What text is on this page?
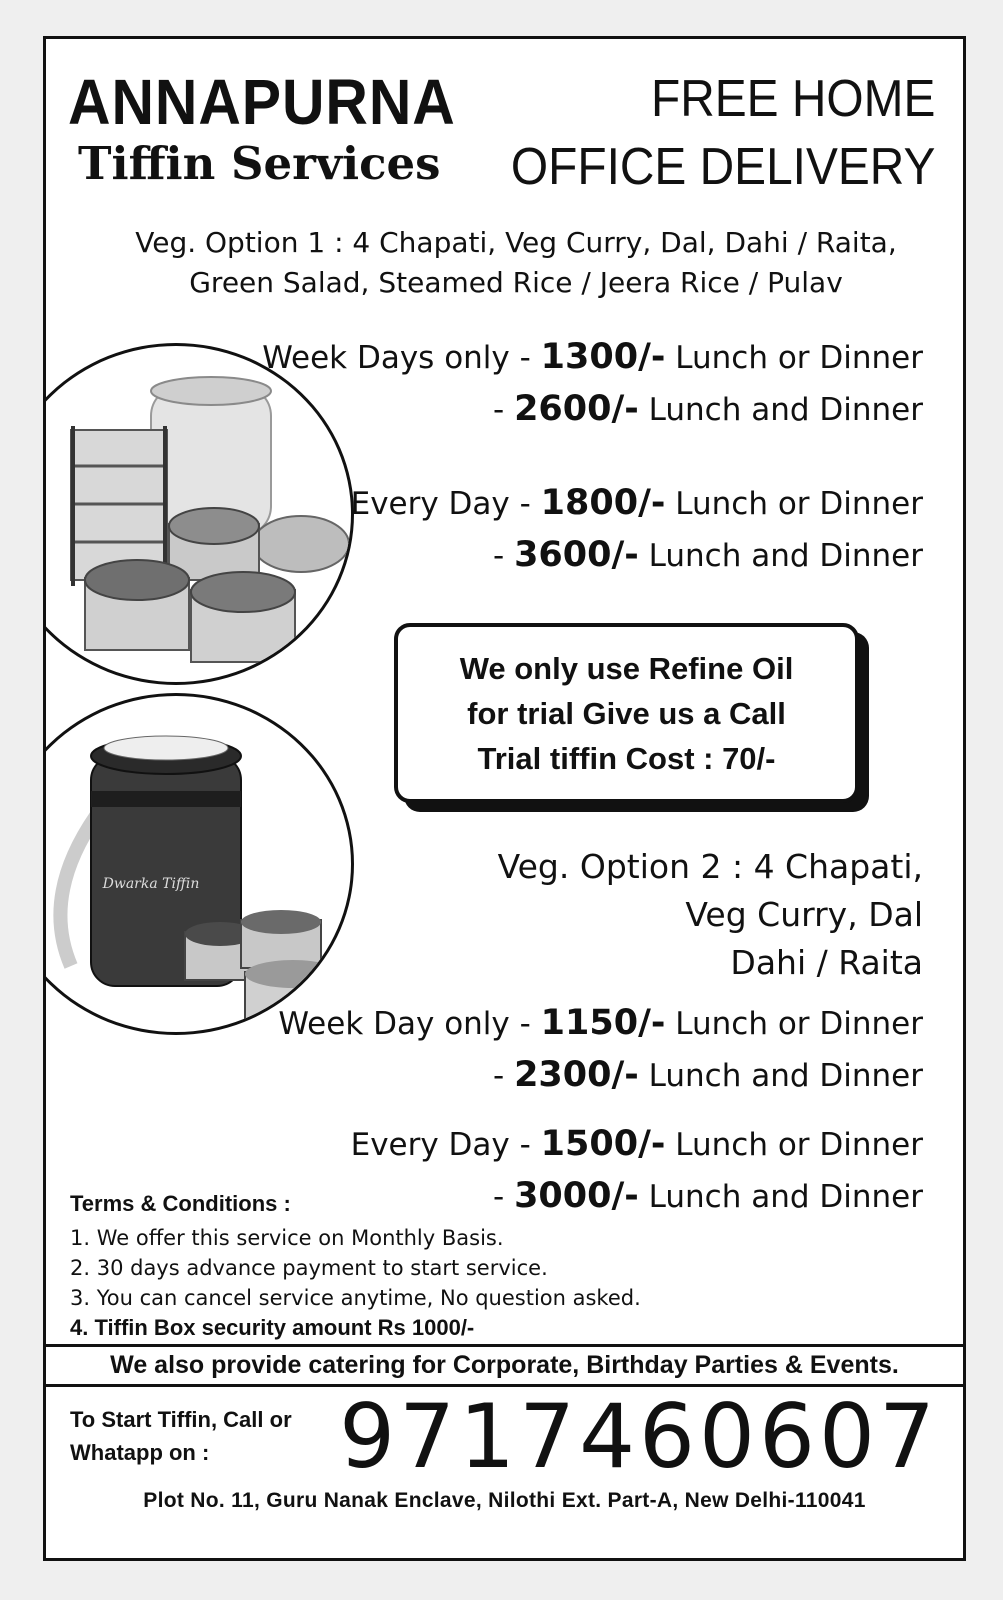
ANNAPURNA
Tiffin Services
FREE HOME
OFFICE DELIVERY
Veg. Option 1 : 4 Chapati, Veg Curry, Dal, Dahi / Raita,
Green Salad, Steamed Rice / Jeera Rice / Pulav
Week Days only - 1300/- Lunch or Dinner
- 2600/- Lunch and Dinner
Every Day - 1800/- Lunch or Dinner
- 3600/- Lunch and Dinner
We only use Refine Oil
for trial Give us a Call
Trial tiffin Cost : 70/-
Dwarka Tiffin	Veg. Option 2 : 4 Chapati,
Veg Curry, Dal
Dahi / Raita
Week Day only - 1150/- Lunch or Dinner
- 2300/- Lunch and Dinner
Every Day - 1500/- Lunch or Dinner
- 3000/- Lunch and Dinner
Terms & Conditions :
1. We offer this service on Monthly Basis.
2. 30 days advance payment to start service.
3. You can cancel service anytime, No question asked.
4. Tiffin Box security amount Rs 1000/-
We also provide catering for Corporate, Birthday Parties & Events.
To Start Tiffin, Call or
Whatapp on :	9717460607
Plot No. 11, Guru Nanak Enclave, Nilothi Ext. Part-A, New Delhi-110041
